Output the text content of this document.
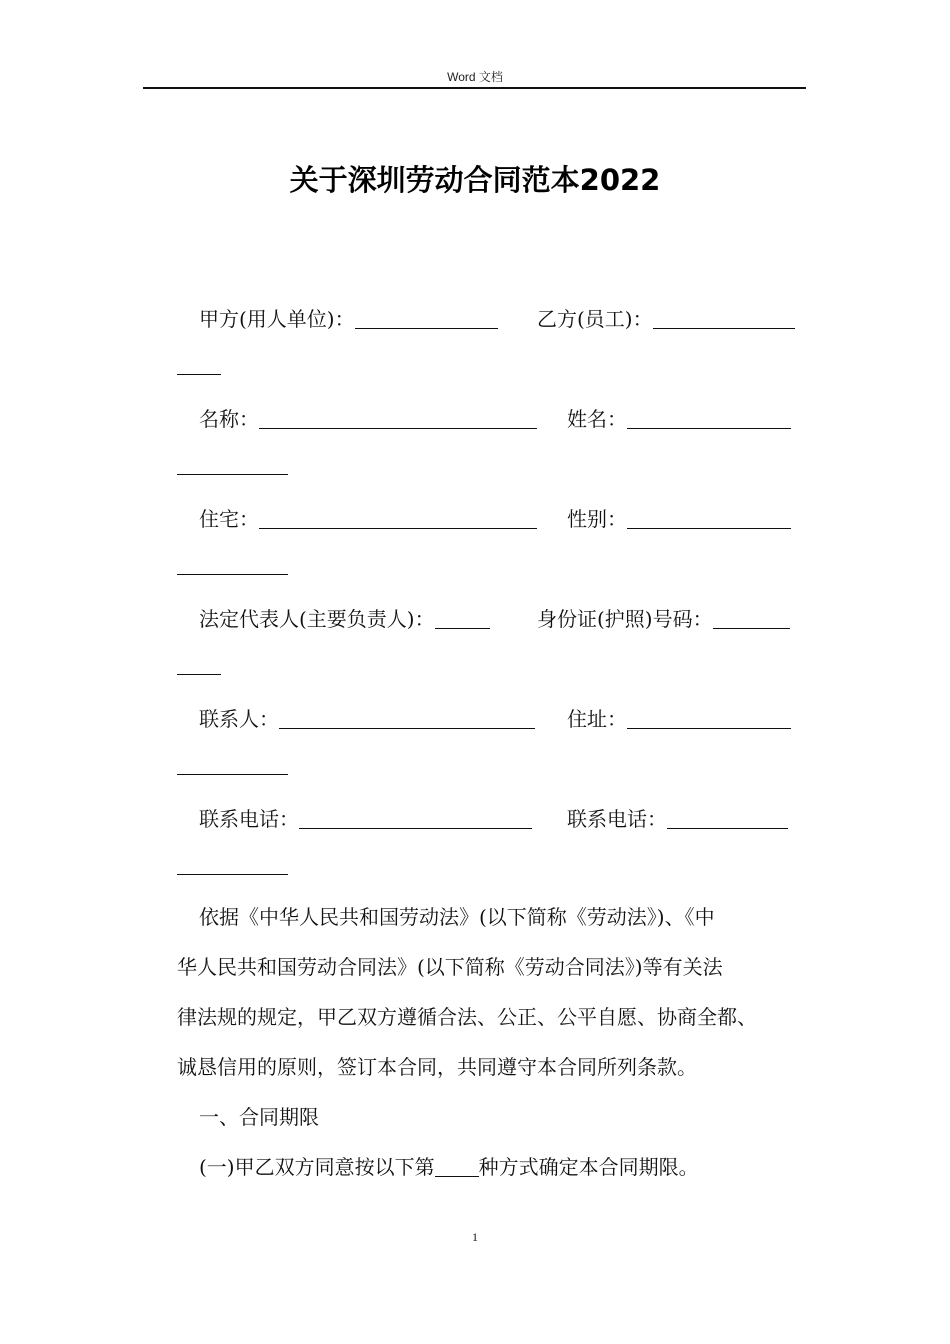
Word 文档
关于深圳劳动合同范本2022
甲方(用人单位)：	乙方(员工)：
名称：	姓名：
住宅：	性别：
法定代表人(主要负责人)：	身份证(护照)号码：
联系人：	住址：
联系电话：	联系电话：
依据《中华人民共和国劳动法》(以下简称《劳动法》)、《中
华人民共和国劳动合同法》(以下简称《劳动合同法》)等有关法
律法规的规定，甲乙双方遵循合法、公正、公平自愿、协商全都、
诚恳信用的原则，签订本合同，共同遵守本合同所列条款。
一、合同期限
(一)甲乙双方同意按以下第 种方式确定本合同期限。
1
